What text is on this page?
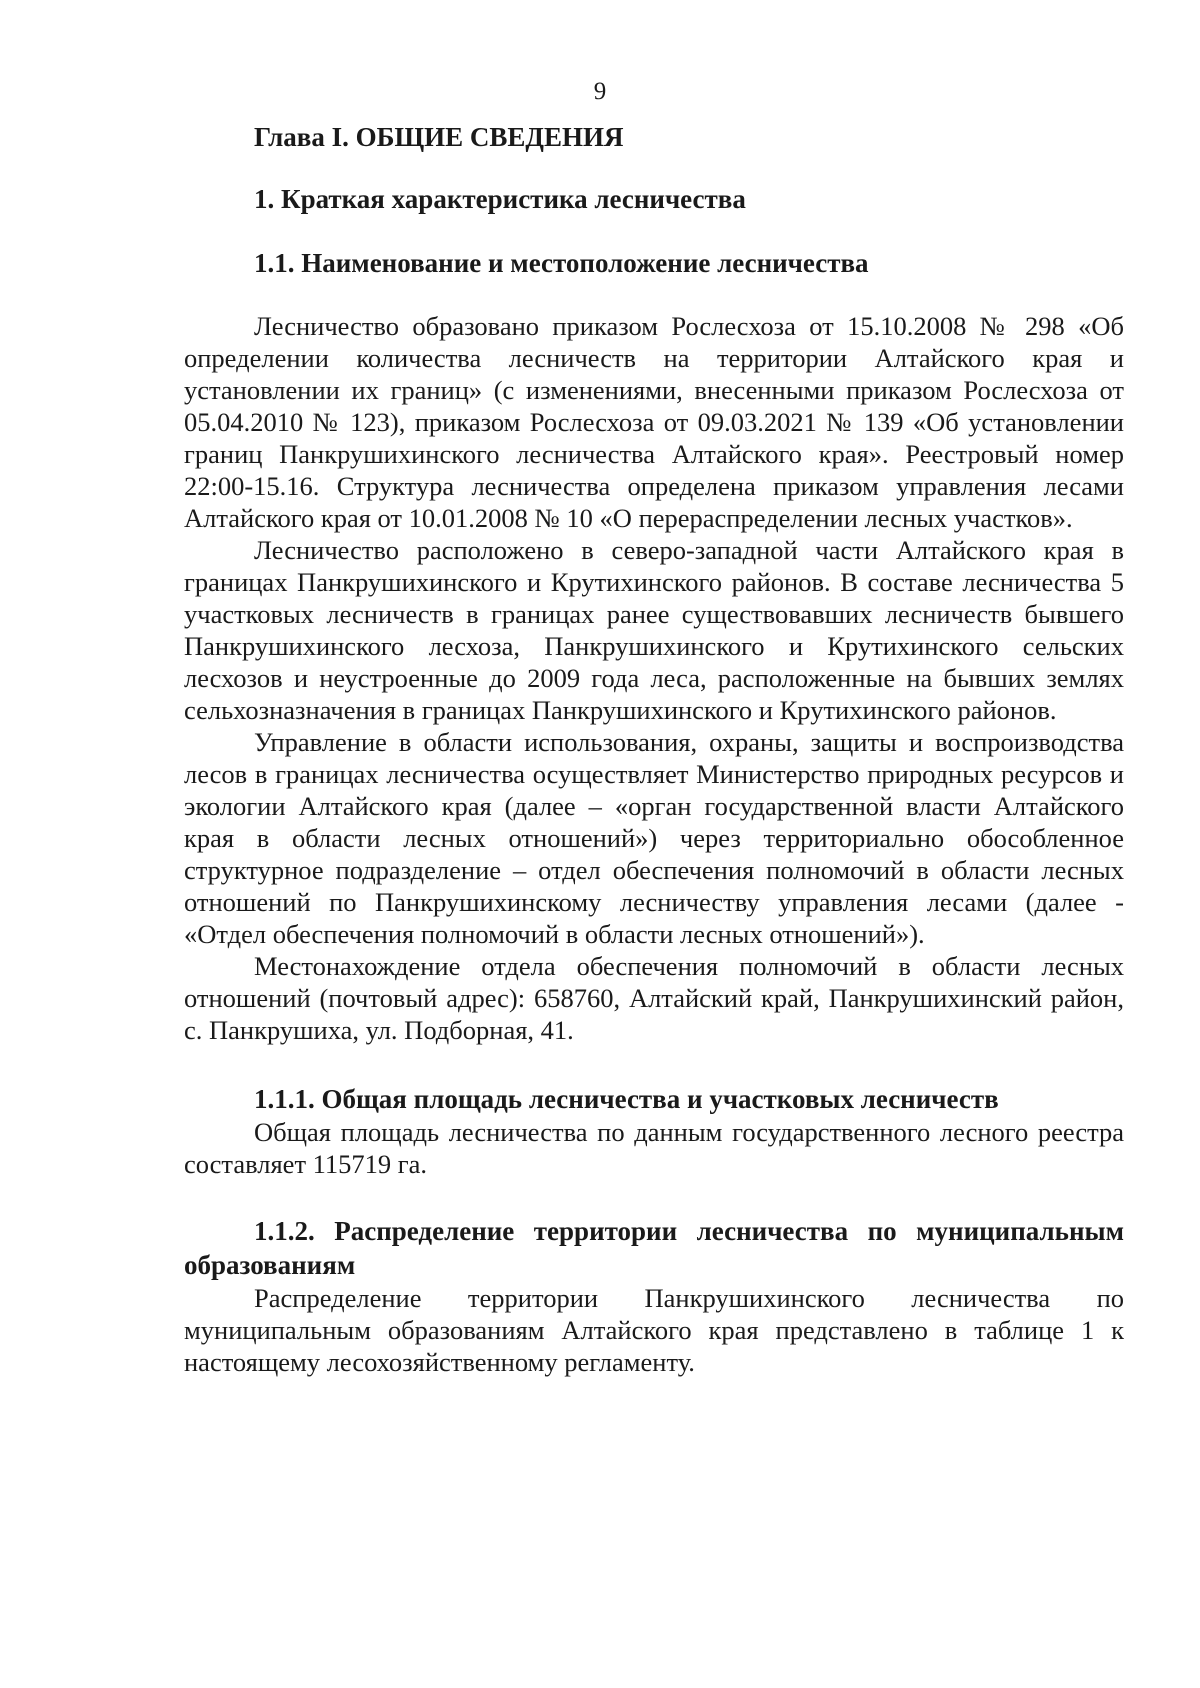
9
Глава I. ОБЩИЕ СВЕДЕНИЯ
1. Краткая характеристика лесничества
1.1. Наименование и местоположение лесничества

Лесничество образовано приказом Рослесхоза от 15.10.2008 № 298 «Об определении количества лесничеств на территории Алтайского края и установлении их границ» (с изменениями, внесенными приказом Рослесхоза от 05.04.2010 № 123), приказом Рослесхоза от 09.03.2021 № 139 «Об установлении границ Панкрушихинского лесничества Алтайского края». Реестровый номер 22:00-15.16. Структура лесничества определена приказом управления лесами Алтайского края от 10.01.2008 № 10 «О перераспределении лесных участков».

Лесничество расположено в северо-западной части Алтайского края в границах Панкрушихинского и Крутихинского районов. В составе лесничества 5 участковых лесничеств в границах ранее существовавших лесничеств бывшего Панкрушихинского лесхоза, Панкрушихинского и Крутихинского сельских лесхозов и неустроенные до 2009 года леса, расположенные на бывших землях сельхозназначения в границах Панкрушихинского и Крутихинского районов.

Управление в области использования, охраны, защиты и воспроизводства лесов в границах лесничества осуществляет Министерство природных ресурсов и экологии Алтайского края (далее – «орган государственной власти Алтайского края в области лесных отношений») через территориально обособленное структурное подразделение – отдел обеспечения полномочий в области лесных отношений по Панкрушихинскому лесничеству управления лесами (далее - «Отдел обеспечения полномочий в области лесных отношений»).

Местонахождение отдела обеспечения полномочий в области лесных отношений (почтовый адрес): 658760, Алтайский край, Панкрушихинский район, с. Панкрушиха, ул. Подборная, 41.

1.1.1. Общая площадь лесничества и участковых лесничеств

Общая площадь лесничества по данным государственного лесного реестра составляет 115719 га.

1.1.2. Распределение территории лесничества по муниципальным образованиям

Распределение территории Панкрушихинского лесничества по муниципальным образованиям Алтайского края представлено в таблице 1 к настоящему лесохозяйственному регламенту.
